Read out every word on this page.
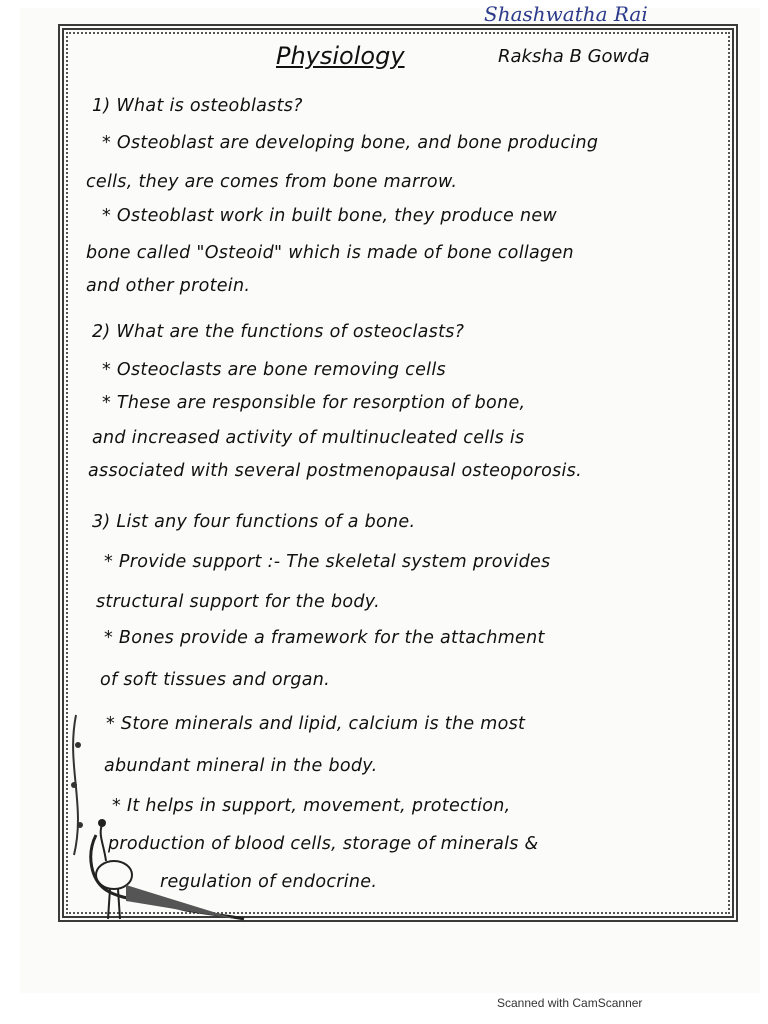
Shashwatha Rai
Physiology	Raksha B Gowda
1) What is osteoblasts?
* Osteoblast are developing bone, and bone producing
cells, they are comes from bone marrow.
* Osteoblast work in built bone, they produce new
bone called "Osteoid" which is made of bone collagen
and other protein.
2) What are the functions of osteoclasts?
* Osteoclasts are bone removing cells
* These are responsible for resorption of bone,
and increased activity of multinucleated cells is
associated with several postmenopausal osteoporosis.
3) List any four functions of a bone.
* Provide support :- The skeletal system provides
structural support for the body.
* Bones provide a framework for the attachment
of soft tissues and organ.
* Store minerals and lipid, calcium is the most
abundant mineral in the body.
* It helps in support, movement, protection,
production of blood cells, storage of minerals &
regulation of endocrine.
Scanned with CamScanner
